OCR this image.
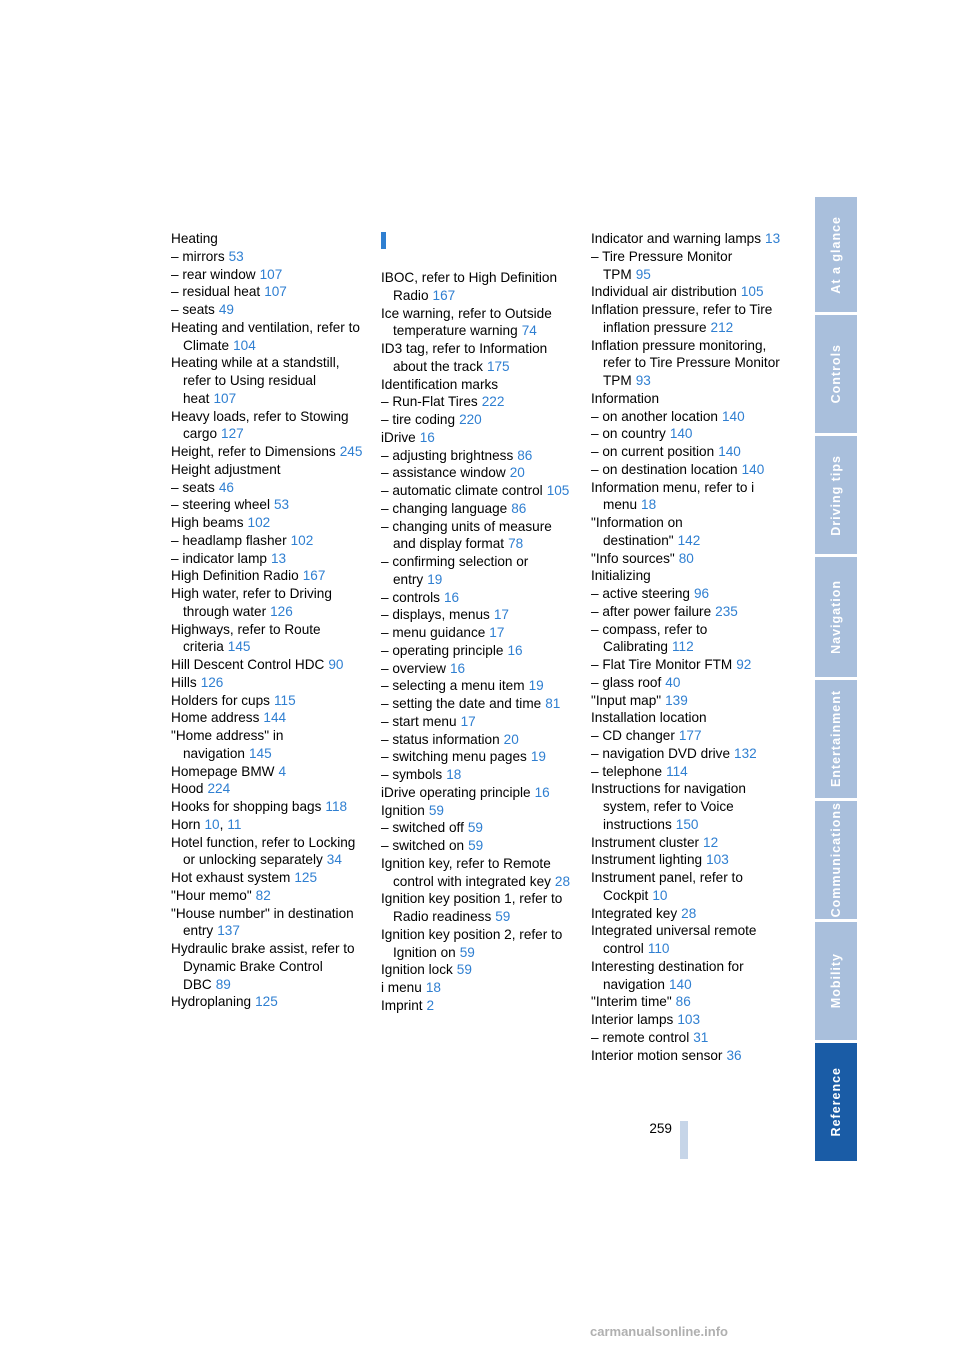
Heating

– mirrors 53

– rear window 107

– residual heat 107

– seats 49

Heating and ventilation, refer to Climate 104

Heating while at a standstill, refer to Using residual heat 107

Heavy loads, refer to Stowing cargo 127

Height, refer to Dimensions 245

Height adjustment

– seats 46

– steering wheel 53

High beams 102

– headlamp flasher 102

– indicator lamp 13

High Definition Radio 167

High water, refer to Driving through water 126

Highways, refer to Route criteria 145

Hill Descent Control HDC 90

Hills 126

Holders for cups 115

Home address 144

"Home address" in navigation 145

Homepage BMW 4

Hood 224

Hooks for shopping bags 118

Horn 10, 11

Hotel function, refer to Locking or unlocking separately 34

Hot exhaust system 125

"Hour memo" 82

"House number" in destination entry 137

Hydraulic brake assist, refer to Dynamic Brake Control DBC 89

Hydroplaning 125

IBOC, refer to High Definition Radio 167

Ice warning, refer to Outside temperature warning 74

ID3 tag, refer to Information about the track 175

Identification marks

– Run-Flat Tires 222

– tire coding 220

iDrive 16

– adjusting brightness 86

– assistance window 20

– automatic climate control 105

– changing language 86

– changing units of measure and display format 78

– confirming selection or entry 19

– controls 16

– displays, menus 17

– menu guidance 17

– operating principle 16

– overview 16

– selecting a menu item 19

– setting the date and time 81

– start menu 17

– status information 20

– switching menu pages 19

– symbols 18

iDrive operating principle 16

Ignition 59

– switched off 59

– switched on 59

Ignition key, refer to Remote control with integrated key 28

Ignition key position 1, refer to Radio readiness 59

Ignition key position 2, refer to Ignition on 59

Ignition lock 59

i menu 18

Imprint 2

Indicator and warning lamps 13

– Tire Pressure Monitor TPM 95

Individual air distribution 105

Inflation pressure, refer to Tire inflation pressure 212

Inflation pressure monitoring, refer to Tire Pressure Monitor TPM 93

Information

– on another location 140

– on country 140

– on current position 140

– on destination location 140

Information menu, refer to i menu 18

"Information on destination" 142

"Info sources" 80

Initializing

– active steering 96

– after power failure 235

– compass, refer to Calibrating 112

– Flat Tire Monitor FTM 92

– glass roof 40

"Input map" 139

Installation location

– CD changer 177

– navigation DVD drive 132

– telephone 114

Instructions for navigation system, refer to Voice instructions 150

Instrument cluster 12

Instrument lighting 103

Instrument panel, refer to Cockpit 10

Integrated key 28

Integrated universal remote control 110

Interesting destination for navigation 140

"Interim time" 86

Interior lamps 103

– remote control 31

Interior motion sensor 36

At a glance
Controls
Driving tips
Navigation
Entertainment
Communications
Mobility
Reference
259
carmanualsonline.info
